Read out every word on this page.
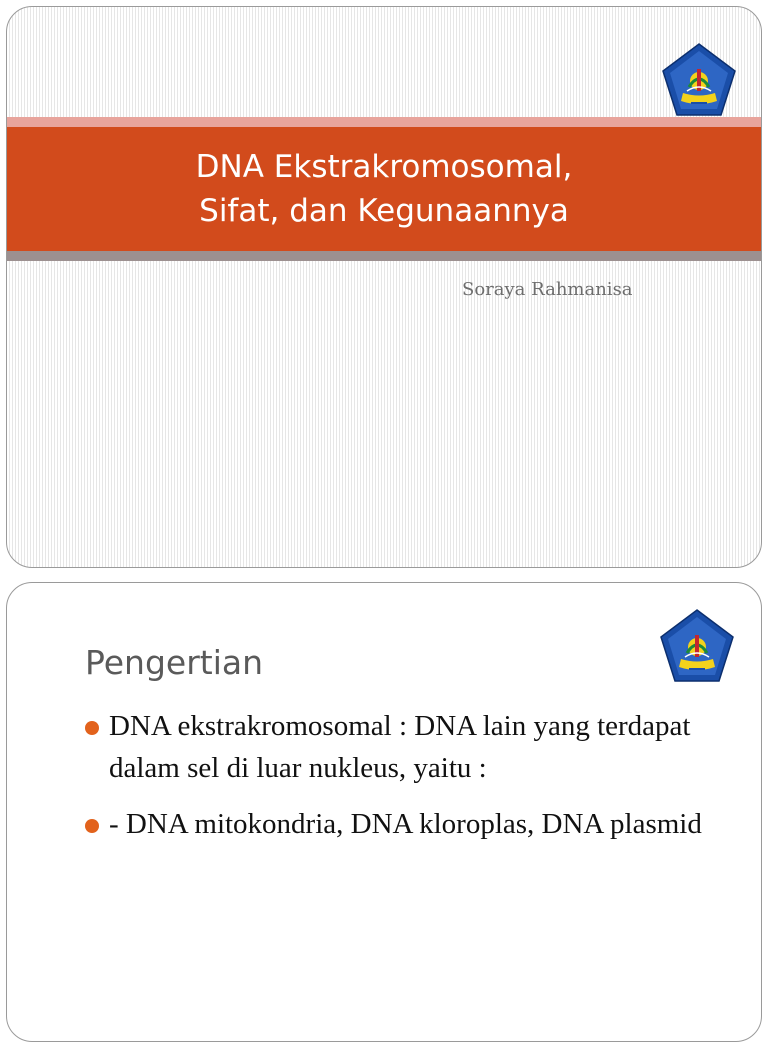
DNA Ekstrakromosomal,
Sifat, dan Kegunaannya
Soraya Rahmanisa
Pengertian
DNA ekstrakromosomal : DNA lain yang terdapat dalam sel di luar nukleus, yaitu :
- DNA mitokondria, DNA kloroplas, DNA plasmid
